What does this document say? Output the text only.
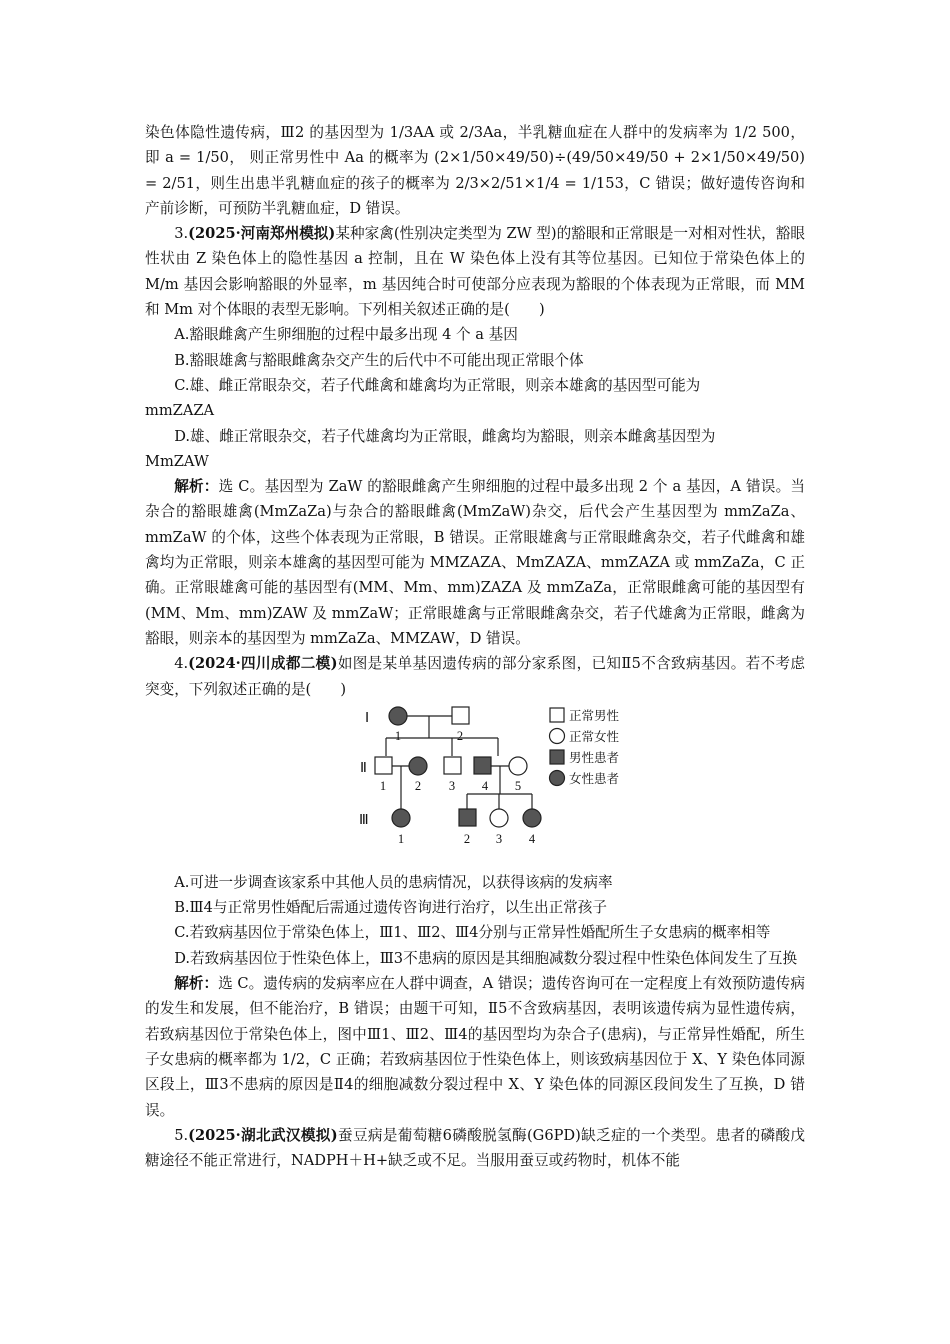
染色体隐性遗传病，Ⅲ2 的基因型为 1/3AA 或 2/3Aa，半乳糖血症在人群中的发病率为 1/2 500， 即 a = 1/50， 则正常男性中 Aa 的概率为 (2×1/50×49/50)÷(49/50×49/50 + 2×1/50×49/50) = 2/51，则生出患半乳糖血症的孩子的概率为 2/3×2/51×1/4 = 1/153，C 错误；做好遗传咨询和产前诊断，可预防半乳糖血症，D 错误。

3.(2025·河南郑州模拟)某种家禽(性别决定类型为 ZW 型)的豁眼和正常眼是一对相对性状，豁眼性状由 Z 染色体上的隐性基因 a 控制，且在 W 染色体上没有其等位基因。已知位于常染色体上的 M/m 基因会影响豁眼的外显率，m 基因纯合时可使部分应表现为豁眼的个体表现为正常眼，而 MM 和 Mm 对个体眼的表型无影响。下列相关叙述正确的是(　　)

A.豁眼雌禽产生卵细胞的过程中最多出现 4 个 a 基因

B.豁眼雄禽与豁眼雌禽杂交产生的后代中不可能出现正常眼个体

C.雄、雌正常眼杂交，若子代雌禽和雄禽均为正常眼，则亲本雄禽的基因型可能为
mmZAZA

D.雄、雌正常眼杂交，若子代雄禽均为正常眼，雌禽均为豁眼，则亲本雌禽基因型为
MmZAW

解析：选 C。基因型为 ZaW 的豁眼雌禽产生卵细胞的过程中最多出现 2 个 a 基因，A 错误。当杂合的豁眼雄禽(MmZaZa)与杂合的豁眼雌禽(MmZaW)杂交，后代会产生基因型为 mmZaZa、mmZaW 的个体，这些个体表现为正常眼，B 错误。正常眼雄禽与正常眼雌禽杂交，若子代雌禽和雄禽均为正常眼，则亲本雄禽的基因型可能为 MMZAZA、MmZAZA、mmZAZA 或 mmZaZa，C 正确。正常眼雄禽可能的基因型有(MM、Mm、mm)ZAZA 及 mmZaZa，正常眼雌禽可能的基因型有(MM、Mm、mm)ZAW 及 mmZaW；正常眼雄禽与正常眼雌禽杂交，若子代雄禽为正常眼，雌禽为豁眼，则亲本的基因型为 mmZaZa、MMZAW，D 错误。

4.(2024·四川成都二模)如图是某单基因遗传病的部分家系图，已知Ⅱ5不含致病基因。若不考虑突变，下列叙述正确的是(　　)

Ⅰ
Ⅱ
Ⅲ
1	2
1 2 3 4 5
1	2 3 4
正常男性
正常女性
男性患者
女性患者

A.可进一步调查该家系中其他人员的患病情况，以获得该病的发病率

B.Ⅲ4与正常男性婚配后需通过遗传咨询进行治疗，以生出正常孩子

C.若致病基因位于常染色体上，Ⅲ1、Ⅲ2、Ⅲ4分别与正常异性婚配所生子女患病的概率相等

D.若致病基因位于性染色体上，Ⅲ3不患病的原因是其细胞减数分裂过程中性染色体间发生了互换

解析：选 C。遗传病的发病率应在人群中调查，A 错误；遗传咨询可在一定程度上有效预防遗传病的发生和发展，但不能治疗，B 错误；由题干可知，Ⅱ5不含致病基因，表明该遗传病为显性遗传病，若致病基因位于常染色体上，图中Ⅲ1、Ⅲ2、Ⅲ4的基因型均为杂合子(患病)，与正常异性婚配，所生子女患病的概率都为 1/2，C 正确；若致病基因位于性染色体上，则该致病基因位于 X、Y 染色体同源区段上，Ⅲ3不患病的原因是Ⅱ4的细胞减数分裂过程中 X、Y 染色体的同源区段间发生了互换，D 错误。

5.(2025·湖北武汉模拟)蚕豆病是葡萄糖6磷酸脱氢酶(G6PD)缺乏症的一个类型。患者的磷酸戊糖途径不能正常进行，NADPH＋H+缺乏或不足。当服用蚕豆或药物时，机体不能
